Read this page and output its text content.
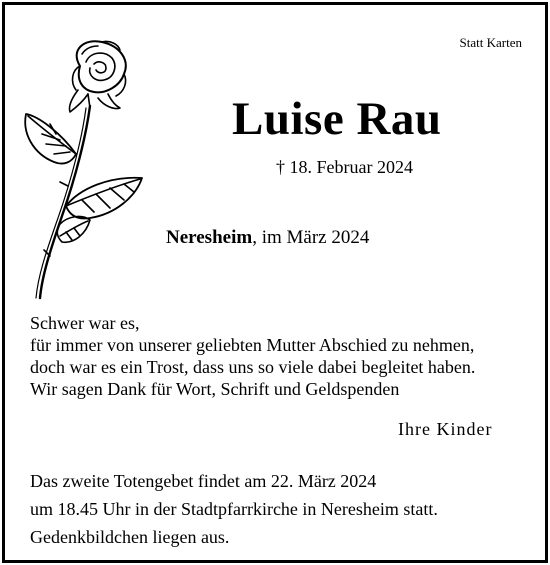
Statt Karten
Luise Rau
† 18. Februar 2024
Neresheim, im März 2024
Schwer war es,
für immer von unserer geliebten Mutter Abschied zu nehmen,
doch war es ein Trost, dass uns so viele dabei begleitet haben.
Wir sagen Dank für Wort, Schrift und Geldspenden
Ihre Kinder
Das zweite Totengebet findet am 22. März 2024
um 18.45 Uhr in der Stadtpfarrkirche in Neresheim statt.
Gedenkbildchen liegen aus.
